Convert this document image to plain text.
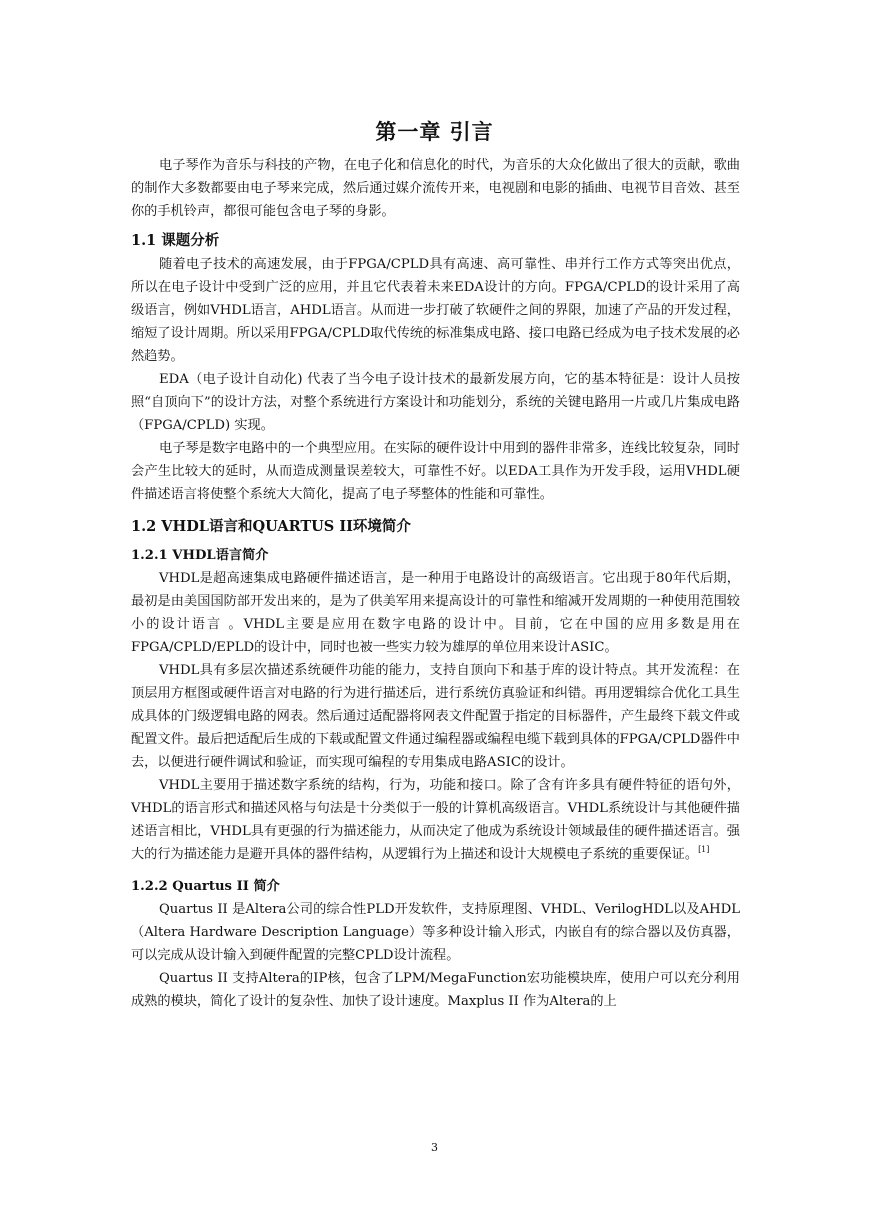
第一章 引言

电子琴作为音乐与科技的产物，在电子化和信息化的时代，为音乐的大众化做出了很大的贡献，歌曲的制作大多数都要由电子琴来完成，然后通过媒介流传开来，电视剧和电影的插曲、电视节目音效、甚至你的手机铃声，都很可能包含电子琴的身影。

1.1 课题分析

随着电子技术的高速发展，由于FPGA/CPLD具有高速、高可靠性、串并行工作方式等突出优点，所以在电子设计中受到广泛的应用，并且它代表着未来EDA设计的方向。FPGA/CPLD的设计采用了高级语言，例如VHDL语言，AHDL语言。从而进一步打破了软硬件之间的界限，加速了产品的开发过程，缩短了设计周期。所以采用FPGA/CPLD取代传统的标准集成电路、接口电路已经成为电子技术发展的必然趋势。

EDA（电子设计自动化) 代表了当今电子设计技术的最新发展方向，它的基本特征是：设计人员按照“自顶向下”的设计方法，对整个系统进行方案设计和功能划分，系统的关键电路用一片或几片集成电路（FPGA/CPLD) 实现。

电子琴是数字电路中的一个典型应用。在实际的硬件设计中用到的器件非常多，连线比较复杂，同时会产生比较大的延时，从而造成测量误差较大，可靠性不好。以EDA工具作为开发手段，运用VHDL硬件描述语言将使整个系统大大简化，提高了电子琴整体的性能和可靠性。

1.2 VHDL语言和QUARTUS II环境简介
1.2.1 VHDL语言简介

VHDL是超高速集成电路硬件描述语言，是一种用于电路设计的高级语言。它出现于80年代后期，最初是由美国国防部开发出来的，是为了供美军用来提高设计的可靠性和缩减开发周期的一种使用范围较小的设计语言 。VHDL主要是应用在数字电路的设计中。目前，它在中国的应用多数是用在FPGA/CPLD/EPLD的设计中，同时也被一些实力较为雄厚的单位用来设计ASIC。

VHDL具有多层次描述系统硬件功能的能力，支持自顶向下和基于库的设计特点。其开发流程：在顶层用方框图或硬件语言对电路的行为进行描述后，进行系统仿真验证和纠错。再用逻辑综合优化工具生成具体的门级逻辑电路的网表。然后通过适配器将网表文件配置于指定的目标器件，产生最终下载文件或配置文件。最后把适配后生成的下载或配置文件通过编程器或编程电缆下载到具体的FPGA/CPLD器件中去，以便进行硬件调试和验证，而实现可编程的专用集成电路ASIC的设计。

VHDL主要用于描述数字系统的结构，行为，功能和接口。除了含有许多具有硬件特征的语句外，VHDL的语言形式和描述风格与句法是十分类似于一般的计算机高级语言。VHDL系统设计与其他硬件描述语言相比，VHDL具有更强的行为描述能力，从而决定了他成为系统设计领域最佳的硬件描述语言。强大的行为描述能力是避开具体的器件结构，从逻辑行为上描述和设计大规模电子系统的重要保证。[1]

1.2.2 Quartus II 简介

Quartus II 是Altera公司的综合性PLD开发软件，支持原理图、VHDL、VerilogHDL以及AHDL（Altera Hardware Description Language）等多种设计输入形式，内嵌自有的综合器以及仿真器，可以完成从设计输入到硬件配置的完整CPLD设计流程。

Quartus II 支持Altera的IP核，包含了LPM/MegaFunction宏功能模块库，使用户可以充分利用成熟的模块，简化了设计的复杂性、加快了设计速度。Maxplus II 作为Altera的上

3
